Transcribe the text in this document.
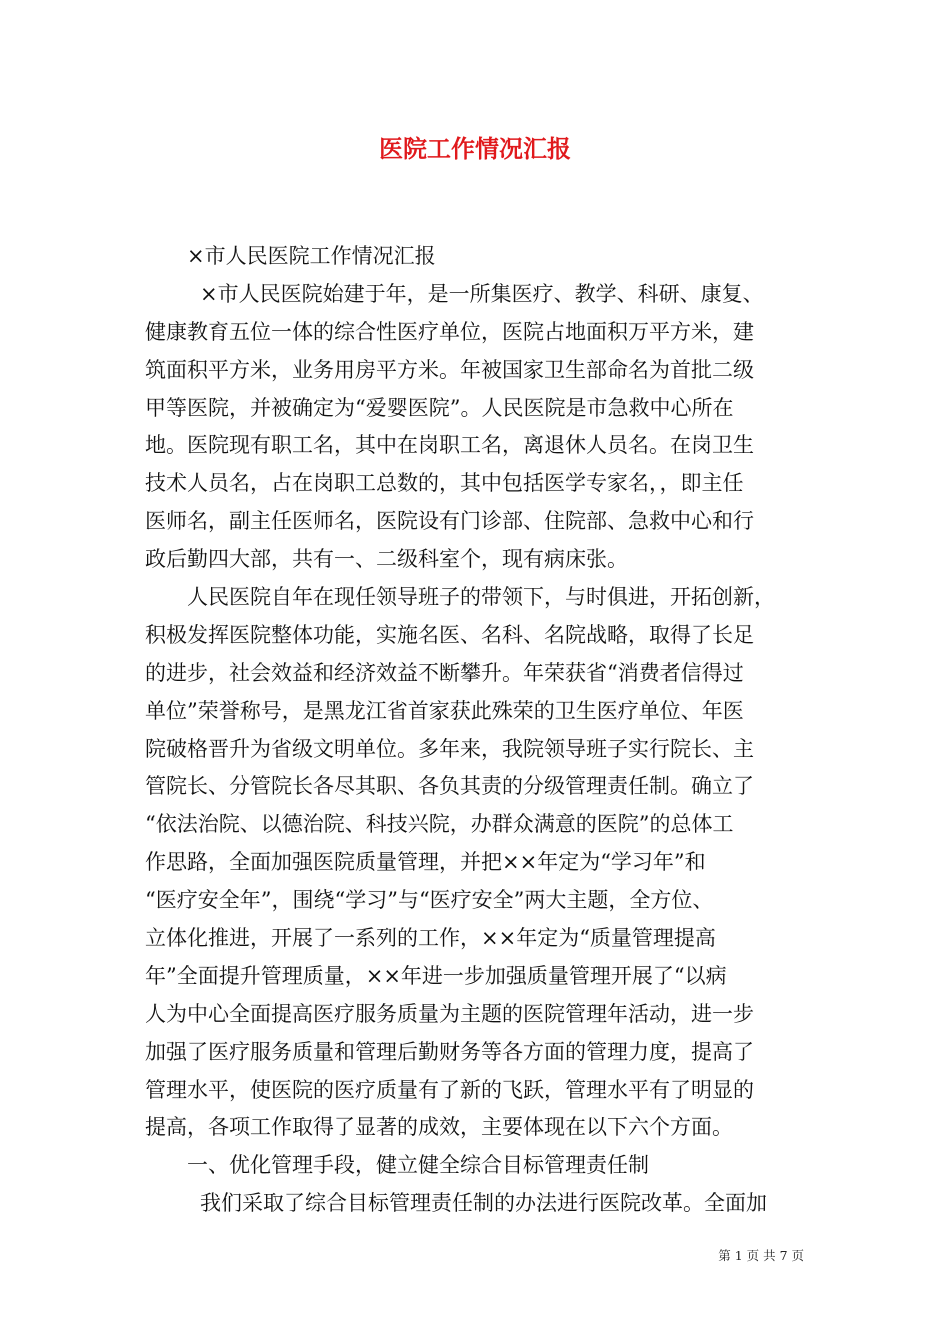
医院工作情况汇报
×市人民医院工作情况汇报
×市人民医院始建于年，是一所集医疗、教学、科研、康复、
健康教育五位一体的综合性医疗单位，医院占地面积万平方米，建
筑面积平方米，业务用房平方米。年被国家卫生部命名为首批二级
甲等医院，并被确定为“爱婴医院”。人民医院是市急救中心所在
地。医院现有职工名，其中在岗职工名，离退休人员名。在岗卫生
技术人员名，占在岗职工总数的，其中包括医学专家名，，即主任
医师名，副主任医师名，医院设有门诊部、住院部、急救中心和行
政后勤四大部，共有一、二级科室个，现有病床张。
人民医院自年在现任领导班子的带领下，与时俱进，开拓创新，
积极发挥医院整体功能，实施名医、名科、名院战略，取得了长足
的进步，社会效益和经济效益不断攀升。年荣获省“消费者信得过
单位”荣誉称号，是黑龙江省首家获此殊荣的卫生医疗单位、年医
院破格晋升为省级文明单位。多年来，我院领导班子实行院长、主
管院长、分管院长各尽其职、各负其责的分级管理责任制。确立了
“依法治院、以德治院、科技兴院，办群众满意的医院”的总体工
作思路，全面加强医院质量管理，并把××年定为“学习年”和
“医疗安全年”，围绕“学习”与“医疗安全”两大主题，全方位、
立体化推进，开展了一系列的工作，××年定为“质量管理提高
年”全面提升管理质量，××年进一步加强质量管理开展了“以病
人为中心全面提高医疗服务质量为主题的医院管理年活动，进一步
加强了医疗服务质量和管理后勤财务等各方面的管理力度，提高了
管理水平，使医院的医疗质量有了新的飞跃，管理水平有了明显的
提高，各项工作取得了显著的成效，主要体现在以下六个方面。
一、优化管理手段，健立健全综合目标管理责任制
我们采取了综合目标管理责任制的办法进行医院改革。全面加
第 1 页 共 7 页
